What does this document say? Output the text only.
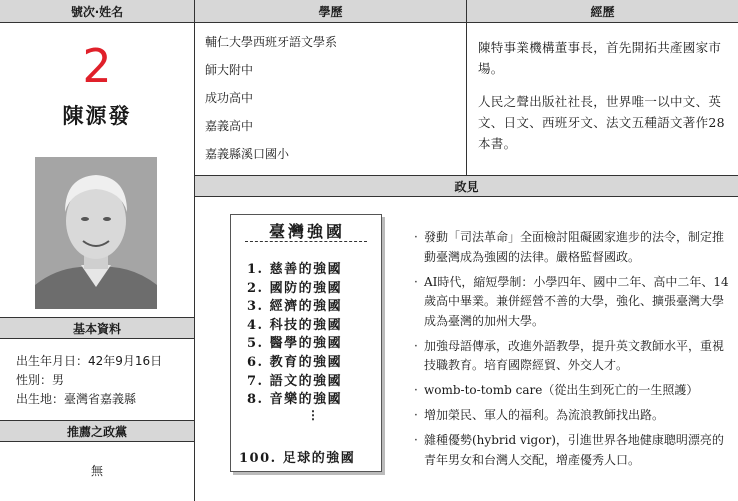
號次‧姓名	學歷	經歷
政見
2
陳源發
基本資料
出生年月日：42年9月16日
性別：男
出生地：臺灣省嘉義縣
推薦之政黨
無
輔仁大學西班牙語文學系
師大附中
成功高中
嘉義高中
嘉義縣溪口國小

陳特事業機構董事長，首先開拓共產國家市場。

人民之聲出版社社長，世界唯一以中文、英文、日文、西班牙文、法文五種語文著作28本書。

臺灣強國
1. 慈善的強國
2. 國防的強國
3. 經濟的強國
4. 科技的強國
5. 醫學的強國
6. 教育的強國
7. 語文的強國
8. 音樂的強國
⋮
100. 足球的強國
‧ 發動「司法革命」全面檢討阻礙國家進步的法令，制定推動臺灣成為強國的法律。嚴格監督國政。
‧ AI時代，縮短學制：小學四年、國中二年、高中二年、14歲高中畢業。兼併經營不善的大學，強化、擴張臺灣大學成為臺灣的加州大學。
‧ 加強母語傳承，改進外語教學，提升英文教師水平，重視技職教育。培育國際經貿、外交人才。
‧ womb-to-tomb care（從出生到死亡的一生照護）
‧ 增加榮民、軍人的福利。為流浪教師找出路。
‧ 雜種優勢(hybrid vigor)，引進世界各地健康聰明漂亮的青年男女和台灣人交配，增產優秀人口。
